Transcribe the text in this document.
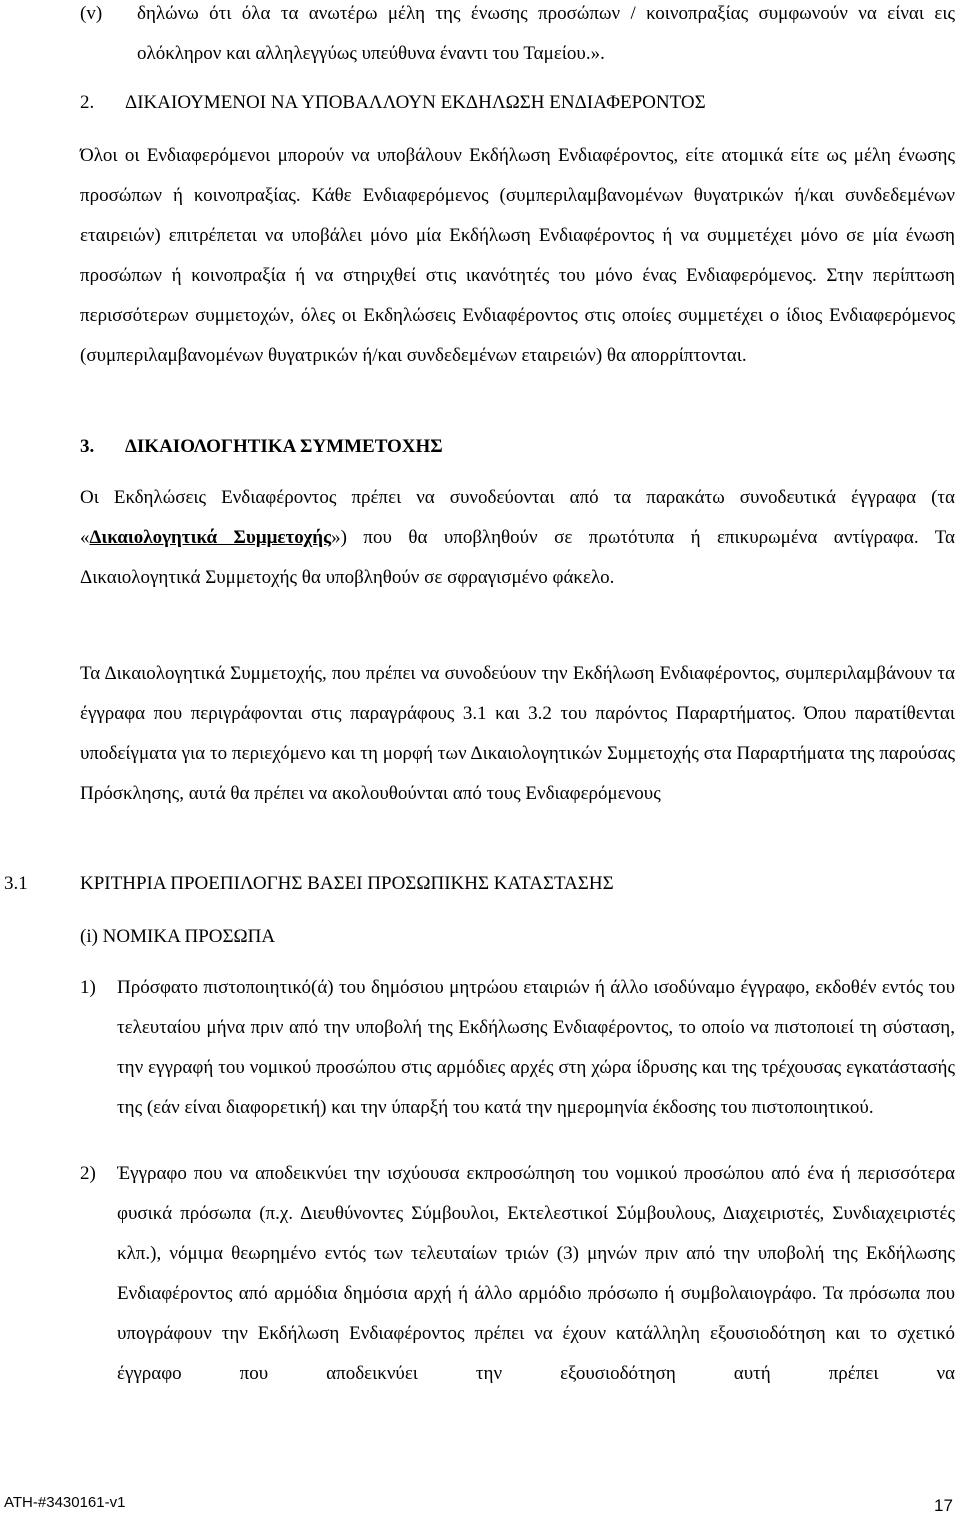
(v) δηλώνω ότι όλα τα ανωτέρω μέλη της ένωσης προσώπων / κοινοπραξίας συμφωνούν να είναι εις ολόκληρον και αλληλεγγύως υπεύθυνα έναντι του Ταμείου.».
2. ΔΙΚΑΙΟΥΜΕΝΟΙ ΝΑ ΥΠΟΒΑΛΛΟΥΝ ΕΚΔΗΛΩΣΗ ΕΝΔΙΑΦΕΡΟΝΤΟΣ
Όλοι οι Ενδιαφερόμενοι μπορούν να υποβάλουν Εκδήλωση Ενδιαφέροντος, είτε ατομικά είτε ως μέλη ένωσης προσώπων ή κοινοπραξίας. Κάθε Ενδιαφερόμενος (συμπεριλαμβανομένων θυγατρικών ή/και συνδεδεμένων εταιρειών) επιτρέπεται να υποβάλει μόνο μία Εκδήλωση Ενδιαφέροντος ή να συμμετέχει μόνο σε μία ένωση προσώπων ή κοινοπραξία ή να στηριχθεί στις ικανότητές του μόνο ένας Ενδιαφερόμενος. Στην περίπτωση περισσότερων συμμετοχών, όλες οι Εκδηλώσεις Ενδιαφέροντος στις οποίες συμμετέχει ο ίδιος Ενδιαφερόμενος (συμπεριλαμβανομένων θυγατρικών ή/και συνδεδεμένων εταιρειών) θα απορρίπτονται.
3. ΔΙΚΑΙΟΛΟΓΗΤΙΚΑ ΣΥΜΜΕΤΟΧΗΣ
Οι Εκδηλώσεις Ενδιαφέροντος πρέπει να συνοδεύονται από τα παρακάτω συνοδευτικά έγγραφα (τα «Δικαιολογητικά Συμμετοχής») που θα υποβληθούν σε πρωτότυπα ή επικυρωμένα αντίγραφα. Τα Δικαιολογητικά Συμμετοχής θα υποβληθούν σε σφραγισμένο φάκελο.
Τα Δικαιολογητικά Συμμετοχής, που πρέπει να συνοδεύουν την Εκδήλωση Ενδιαφέροντος, συμπεριλαμβάνουν τα έγγραφα που περιγράφονται στις παραγράφους 3.1 και 3.2 του παρόντος Παραρτήματος. Όπου παρατίθενται υποδείγματα για το περιεχόμενο και τη μορφή των Δικαιολογητικών Συμμετοχής στα Παραρτήματα της παρούσας Πρόσκλησης, αυτά θα πρέπει να ακολουθούνται από τους Ενδιαφερόμενους
3.1	ΚΡΙΤΗΡΙΑ ΠΡΟΕΠΙΛΟΓΗΣ ΒΑΣΕΙ ΠΡΟΣΩΠΙΚΗΣ ΚΑΤΑΣΤΑΣΗΣ
(i) ΝΟΜΙΚΑ ΠΡΟΣΩΠΑ
1) Πρόσφατο πιστοποιητικό(ά) του δημόσιου μητρώου εταιριών ή άλλο ισοδύναμο έγγραφο, εκδοθέν εντός του τελευταίου μήνα πριν από την υποβολή της Εκδήλωσης Ενδιαφέροντος, το οποίο να πιστοποιεί τη σύσταση, την εγγραφή του νομικού προσώπου στις αρμόδιες αρχές στη χώρα ίδρυσης και της τρέχουσας εγκατάστασής της (εάν είναι διαφορετική) και την ύπαρξή του κατά την ημερομηνία έκδοσης του πιστοποιητικού.
2) Έγγραφο που να αποδεικνύει την ισχύουσα εκπροσώπηση του νομικού προσώπου από ένα ή περισσότερα φυσικά πρόσωπα (π.χ. Διευθύνοντες Σύμβουλοι, Εκτελεστικοί Σύμβουλους, Διαχειριστές, Συνδιαχειριστές κλπ.), νόμιμα θεωρημένο εντός των τελευταίων τριών (3) μηνών πριν από την υποβολή της Εκδήλωσης Ενδιαφέροντος από αρμόδια δημόσια αρχή ή άλλο αρμόδιο πρόσωπο ή συμβολαιογράφο. Τα πρόσωπα που υπογράφουν την Εκδήλωση Ενδιαφέροντος πρέπει να έχουν κατάλληλη εξουσιοδότηση και το σχετικό έγγραφο που αποδεικνύει την εξουσιοδότηση αυτή πρέπει να
ATH-#3430161-v1	17
